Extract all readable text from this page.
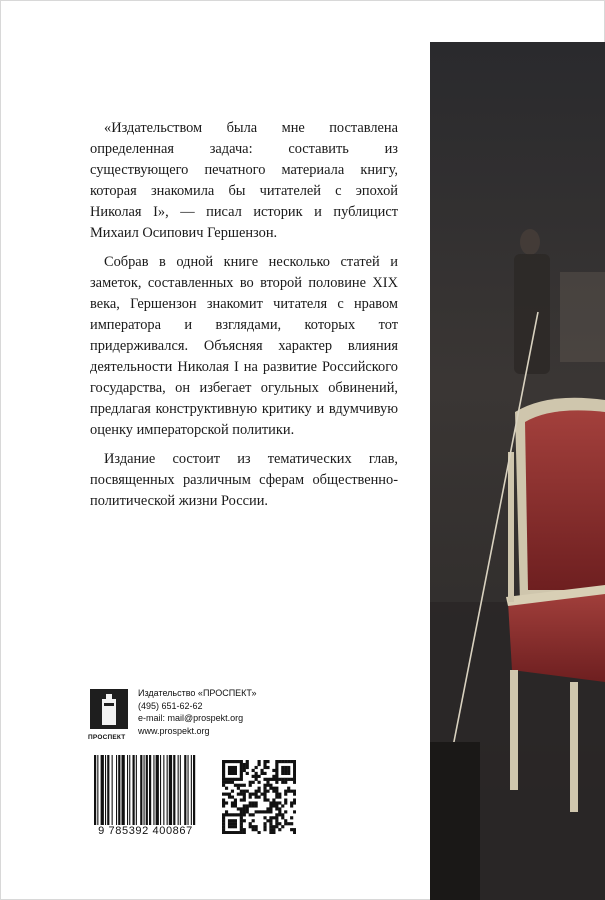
«Издательством была мне поставлена определенная задача: составить из существующего печатного материала книгу, которая знакомила бы читателей с эпохой Николая I», — писал историк и публицист Михаил Осипович Гершензон.

Собрав в одной книге несколько статей и заметок, составленных во второй половине XIX века, Гершензон знакомит читателя с нравом императора и взглядами, которых тот придерживался. Объясняя характер влияния деятельности Николая I на развитие Российского государства, он избегает огульных обвинений, предлагая конструктивную критику и вдумчивую оценку императорской политики.

Издание состоит из тематических глав, посвященных различным сферам общественно-политической жизни России.

ПРОСПЕКТ
Издательство «ПРОСПЕКТ»
(495) 651-62-62
e-mail: mail@prospekt.org
www.prospekt.org
9 785392 400867
